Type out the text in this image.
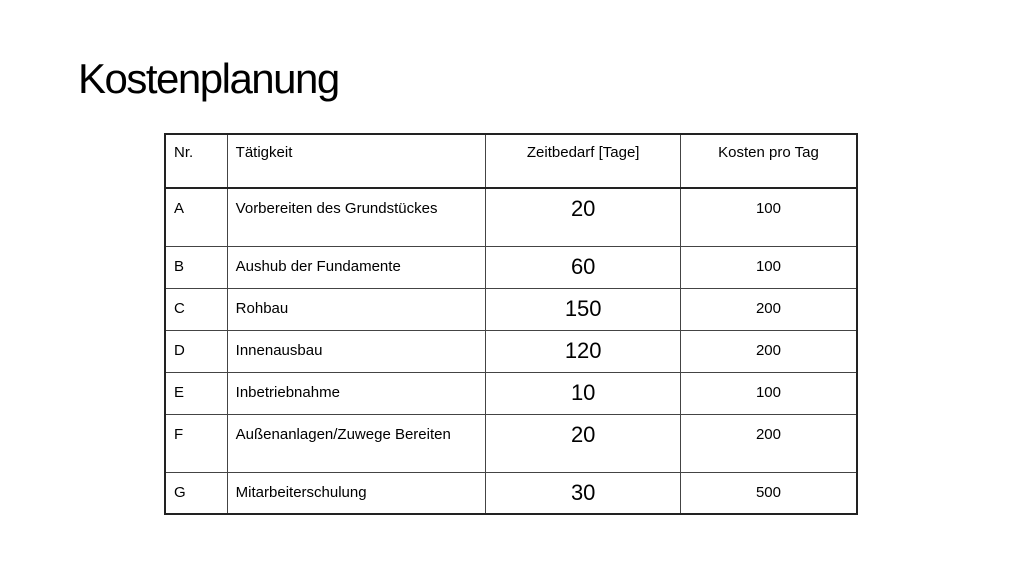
Kostenplanung
Nr.	Tätigkeit	Zeitbedarf [Tage]	Kosten pro Tag
A	Vorbereiten des Grundstückes	20	100
B	Aushub der Fundamente	60	100
C	Rohbau	150	200
D	Innenausbau	120	200
E	Inbetriebnahme	10	100
F	Außenanlagen/Zuwege Bereiten	20	200
G	Mitarbeiterschulung	30	500
